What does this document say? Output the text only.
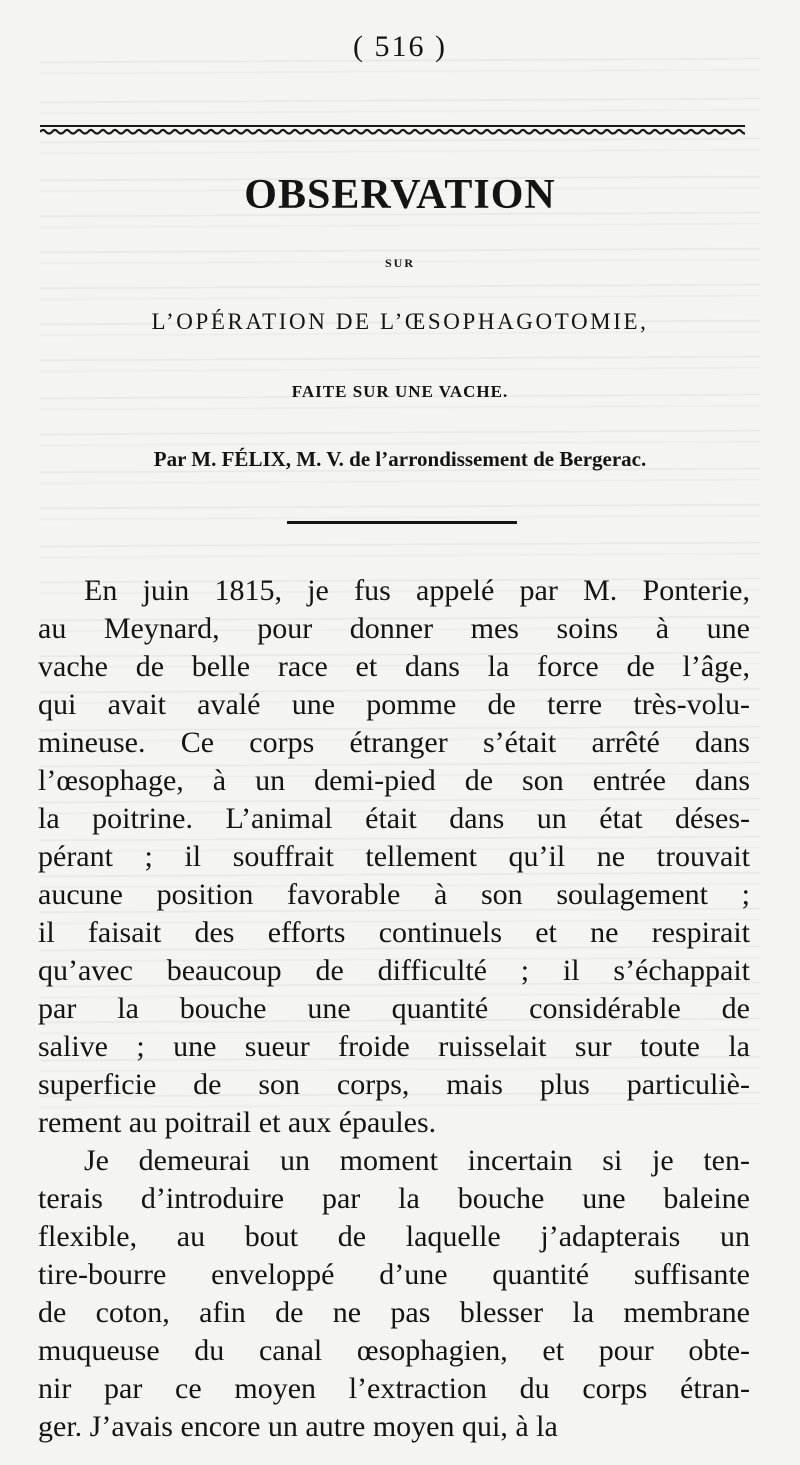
( 516 )
OBSERVATION
SUR
L’OPÉRATION DE L’ŒSOPHAGOTOMIE,
FAITE SUR UNE VACHE.
Par M. FÉLIX, M. V. de l’arrondissement de Bergerac.

En juin 1815, je fus appelé par M. Ponterie,
au Meynard, pour donner mes soins à une
vache de belle race et dans la force de l’âge,
qui avait avalé une pomme de terre très-volu-
mineuse. Ce corps étranger s’était arrêté dans
l’œsophage, à un demi-pied de son entrée dans
la poitrine. L’animal était dans un état déses-
pérant ; il souffrait tellement qu’il ne trouvait
aucune position favorable à son soulagement ;
il faisait des efforts continuels et ne respirait
qu’avec beaucoup de difficulté ; il s’échappait
par la bouche une quantité considérable de
salive ; une sueur froide ruisselait sur toute la
superficie de son corps, mais plus particuliè-
rement au poitrail et aux épaules.

Je demeurai un moment incertain si je ten-
terais d’introduire par la bouche une baleine
flexible, au bout de laquelle j’adapterais un
tire-bourre enveloppé d’une quantité suffisante
de coton, afin de ne pas blesser la membrane
muqueuse du canal œsophagien, et pour obte-
nir par ce moyen l’extraction du corps étran-
ger. J’avais encore un autre moyen qui, à la
